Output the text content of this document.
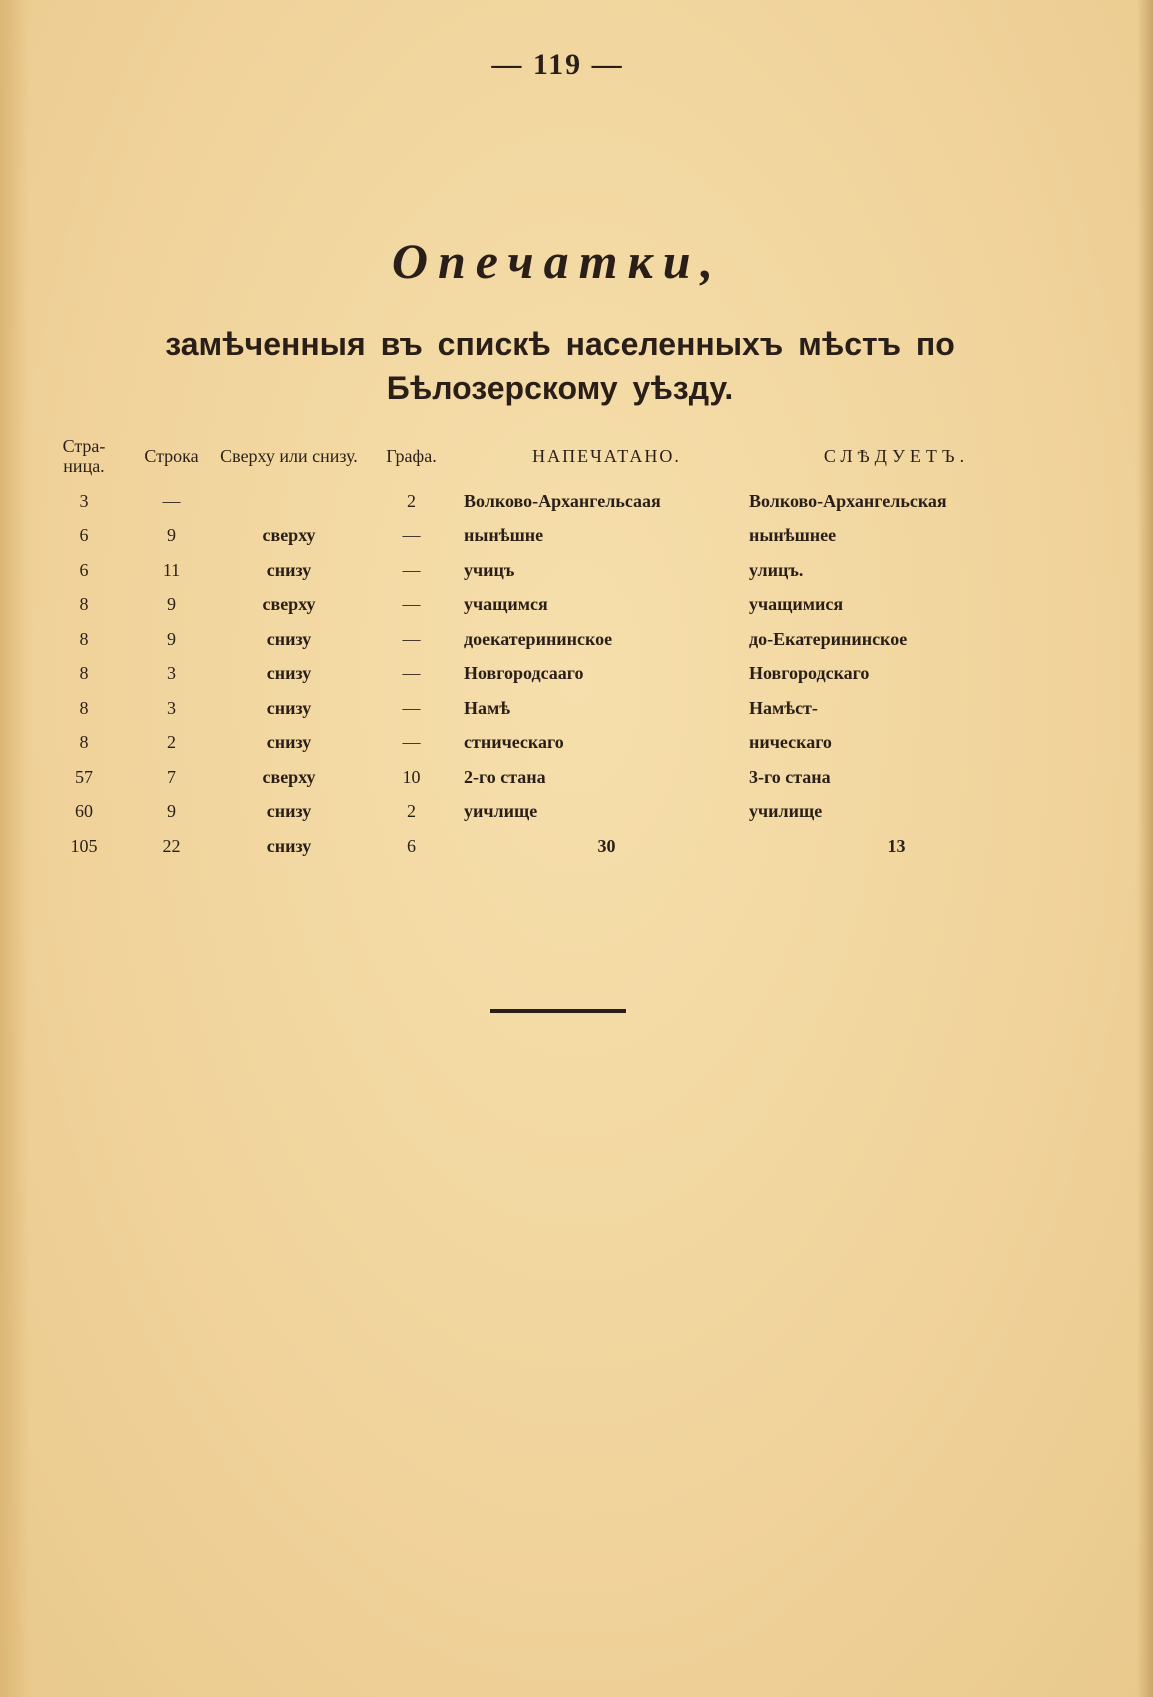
— 119 —
Опечатки,
замѣченныя въ спискѣ населенныхъ мѣстъ по Бѣлозерскому уѣзду.
Стра- ница.	Строка	Сверху или снизу.	Графа.	НАПЕЧАТАНО.	СЛѢДУЕТЪ.
3	—		2	Волково-Архангельсаая	Волково-Архангельская
6	9	сверху	—	нынѣшне	нынѣшнее
6	11	снизу	—	учицъ	улицъ.
8	9	сверху	—	учащимся	учащимися
8	9	снизу	—	доекатерининское	до-Екатерининское
8	3	снизу	—	Новгородсааго	Новгородскаго
8	3	снизу	—	Намѣ	Намѣст-
8	2	снизу	—	стническаго	ническаго
57	7	сверху	10	2-го стана	3-го стана
60	9	снизу	2	уичлище	училище
105	22	снизу	6	30	13
